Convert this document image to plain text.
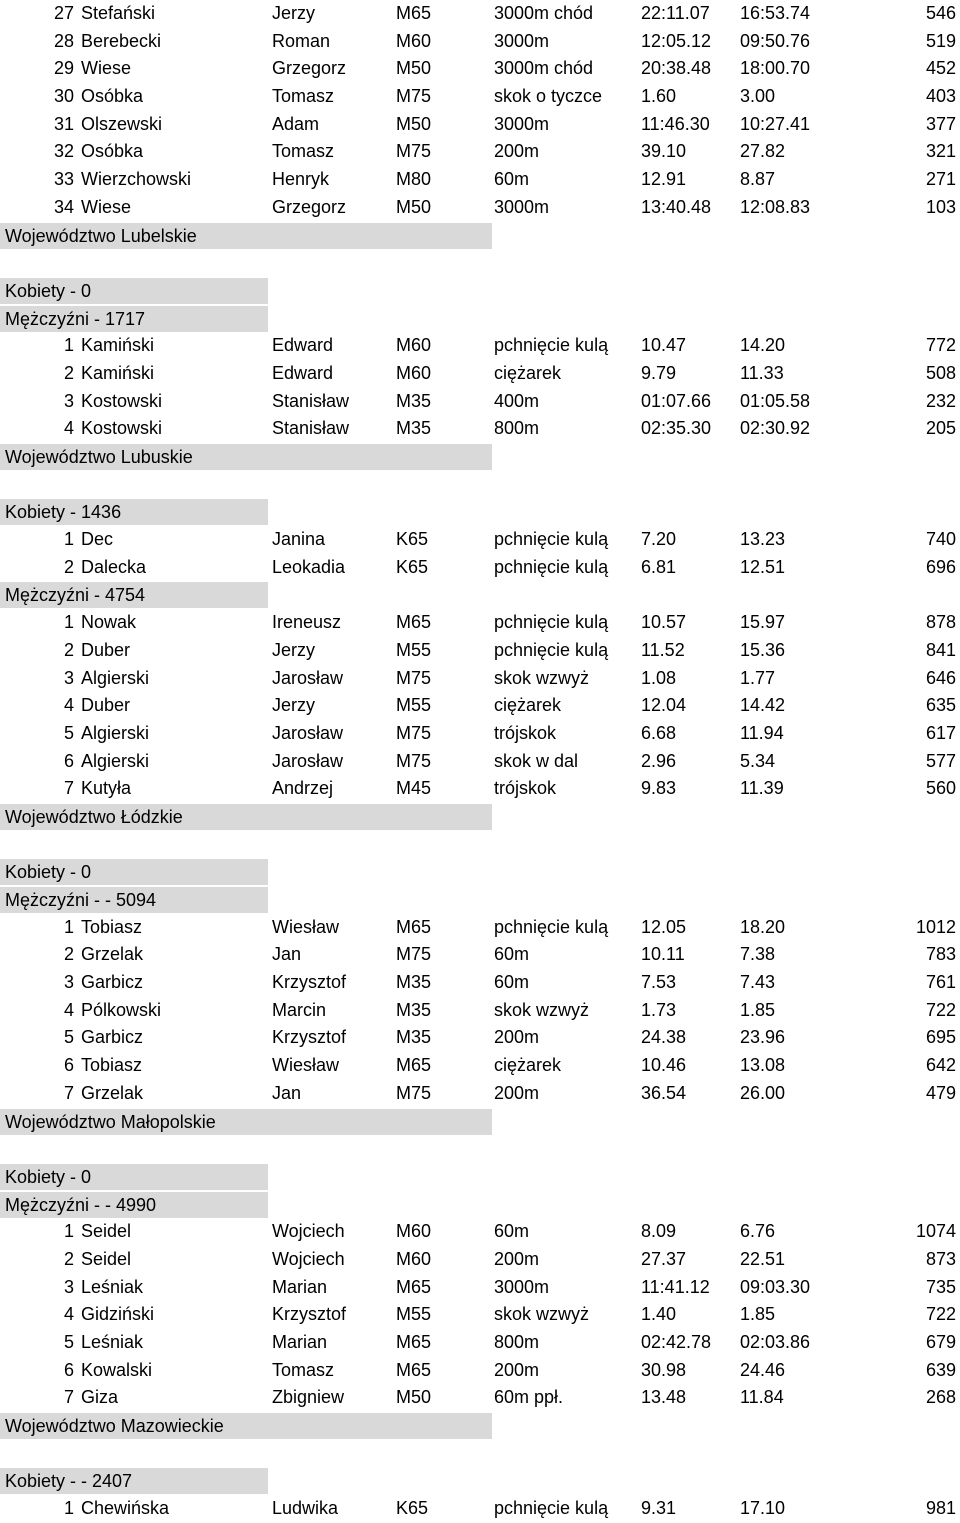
27 Stefański	Jerzy	M65	3000m chód	22:11.07 16:53.74	546
28 Berebecki	Roman	M60	3000m	12:05.12 09:50.76	519
29 Wiese	Grzegorz	M50	3000m chód	20:38.48 18:00.70	452
30 Osóbka	Tomasz	M75	skok o tyczce 1.60	3.00	403
31 Olszewski	Adam	M50	3000m	11:46.30 10:27.41	377
32 Osóbka	Tomasz	M75	200m	39.10	27.82	321
33 Wierzchowski	Henryk	M80	60m	12.91	8.87	271
34 Wiese	Grzegorz	M50	3000m	13:40.48 12:08.83	103
Województwo Lubelskie
Kobiety - 0
Mężczyźni - 1717
1 Kamiński	Edward	M60	pchnięcie kulą 10.47	14.20	772
2 Kamiński	Edward	M60	ciężarek	9.79	11.33	508
3 Kostowski	Stanisław	M35	400m	01:07.66 01:05.58	232
4 Kostowski	Stanisław	M35	800m	02:35.30 02:30.92	205
Województwo Lubuskie
Kobiety - 1436
1 Dec	Janina	K65	pchnięcie kulą 7.20	13.23	740
2 Dalecka	Leokadia	K65	pchnięcie kulą 6.81	12.51	696
Mężczyźni - 4754
1 Nowak	Ireneusz	M65	pchnięcie kulą 10.57	15.97	878
2 Duber	Jerzy	M55	pchnięcie kulą 11.52	15.36	841
3 Algierski	Jarosław	M75	skok wzwyż	1.08	1.77	646
4 Duber	Jerzy	M55	ciężarek	12.04	14.42	635
5 Algierski	Jarosław	M75	trójskok	6.68	11.94	617
6 Algierski	Jarosław	M75	skok w dal	2.96	5.34	577
7 Kutyła	Andrzej	M45	trójskok	9.83	11.39	560
Województwo Łódzkie
Kobiety - 0
Mężczyźni - - 5094
1 Tobiasz	Wiesław	M65	pchnięcie kulą 12.05	18.20	1012
2 Grzelak	Jan	M75	60m	10.11	7.38	783
3 Garbicz	Krzysztof	M35	60m	7.53	7.43	761
4 Pólkowski	Marcin	M35	skok wzwyż	1.73	1.85	722
5 Garbicz	Krzysztof	M35	200m	24.38	23.96	695
6 Tobiasz	Wiesław	M65	ciężarek	10.46	13.08	642
7 Grzelak	Jan	M75	200m	36.54	26.00	479
Województwo Małopolskie
Kobiety - 0
Mężczyźni - - 4990
1 Seidel	Wojciech	M60	60m	8.09	6.76	1074
2 Seidel	Wojciech	M60	200m	27.37	22.51	873
3 Leśniak	Marian	M65	3000m	11:41.12 09:03.30	735
4 Gidziński	Krzysztof	M55	skok wzwyż	1.40	1.85	722
5 Leśniak	Marian	M65	800m	02:42.78 02:03.86	679
6 Kowalski	Tomasz	M65	200m	30.98	24.46	639
7 Giza	Zbigniew	M50	60m ppł.	13.48	11.84	268
Województwo Mazowieckie
Kobiety - - 2407
1 Chewińska	Ludwika	K65	pchnięcie kulą 9.31	17.10	981
